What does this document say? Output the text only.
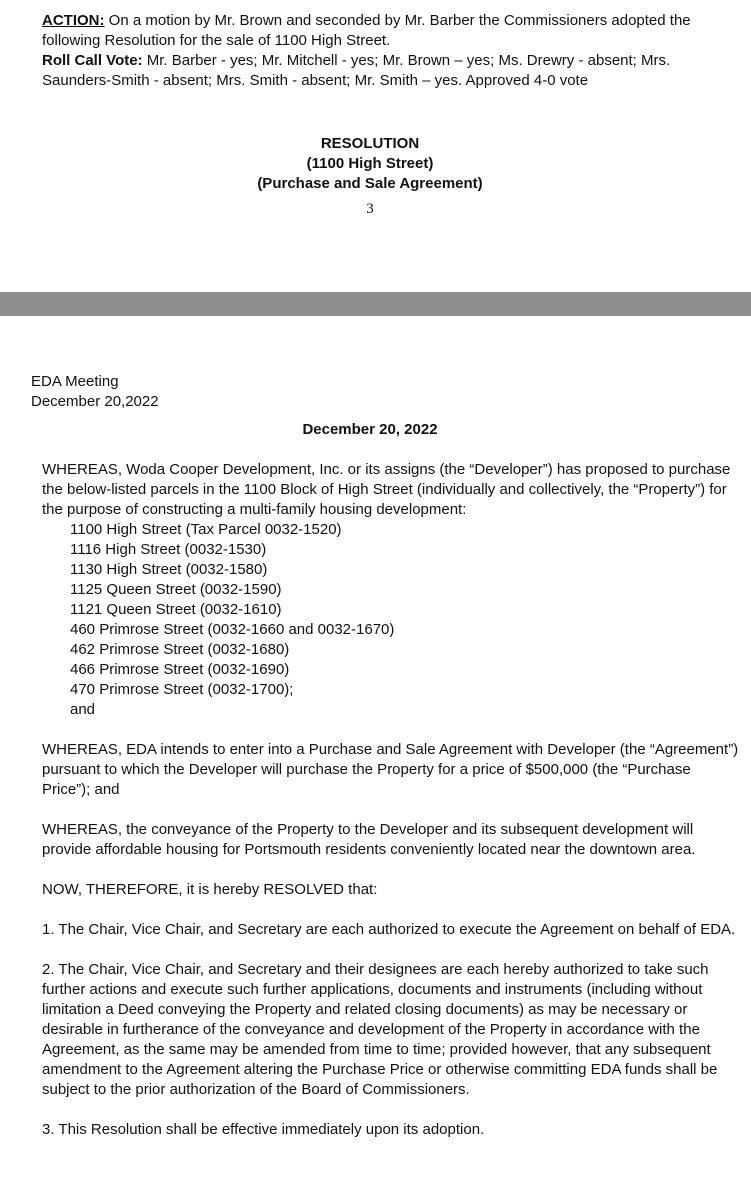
ACTION: On a motion by Mr. Brown and seconded by Mr. Barber the Commissioners adopted the following Resolution for the sale of 1100 High Street.

Roll Call Vote: Mr. Barber - yes; Mr. Mitchell - yes; Mr. Brown – yes; Ms. Drewry - absent; Mrs. Saunders-Smith - absent; Mrs. Smith - absent; Mr. Smith – yes. Approved 4-0 vote

RESOLUTION
(1100 High Street)
(Purchase and Sale Agreement)
3
EDA Meeting
December 20,2022
December 20, 2022

WHEREAS, Woda Cooper Development, Inc. or its assigns (the “Developer”) has proposed to purchase the below-listed parcels in the 1100 Block of High Street (individually and collectively, the “Property”) for the purpose of constructing a multi-family housing development:

1100 High Street (Tax Parcel 0032-1520)
1116 High Street (0032-1530)
1130 High Street (0032-1580)
1125 Queen Street (0032-1590)
1121 Queen Street (0032-1610)
460 Primrose Street (0032-1660 and 0032-1670)
462 Primrose Street (0032-1680)
466 Primrose Street (0032-1690)
470 Primrose Street (0032-1700);
and

WHEREAS, EDA intends to enter into a Purchase and Sale Agreement with Developer (the “Agreement”) pursuant to which the Developer will purchase the Property for a price of $500,000 (the “Purchase Price”); and

WHEREAS, the conveyance of the Property to the Developer and its subsequent development will provide affordable housing for Portsmouth residents conveniently located near the downtown area.

NOW, THEREFORE, it is hereby RESOLVED that:

1. The Chair, Vice Chair, and Secretary are each authorized to execute the Agreement on behalf of EDA.

2. The Chair, Vice Chair, and Secretary and their designees are each hereby authorized to take such further actions and execute such further applications, documents and instruments (including without limitation a Deed conveying the Property and related closing documents) as may be necessary or desirable in furtherance of the conveyance and development of the Property in accordance with the Agreement, as the same may be amended from time to time; provided however, that any subsequent amendment to the Agreement altering the Purchase Price or otherwise committing EDA funds shall be subject to the prior authorization of the Board of Commissioners.

3. This Resolution shall be effective immediately upon its adoption.
